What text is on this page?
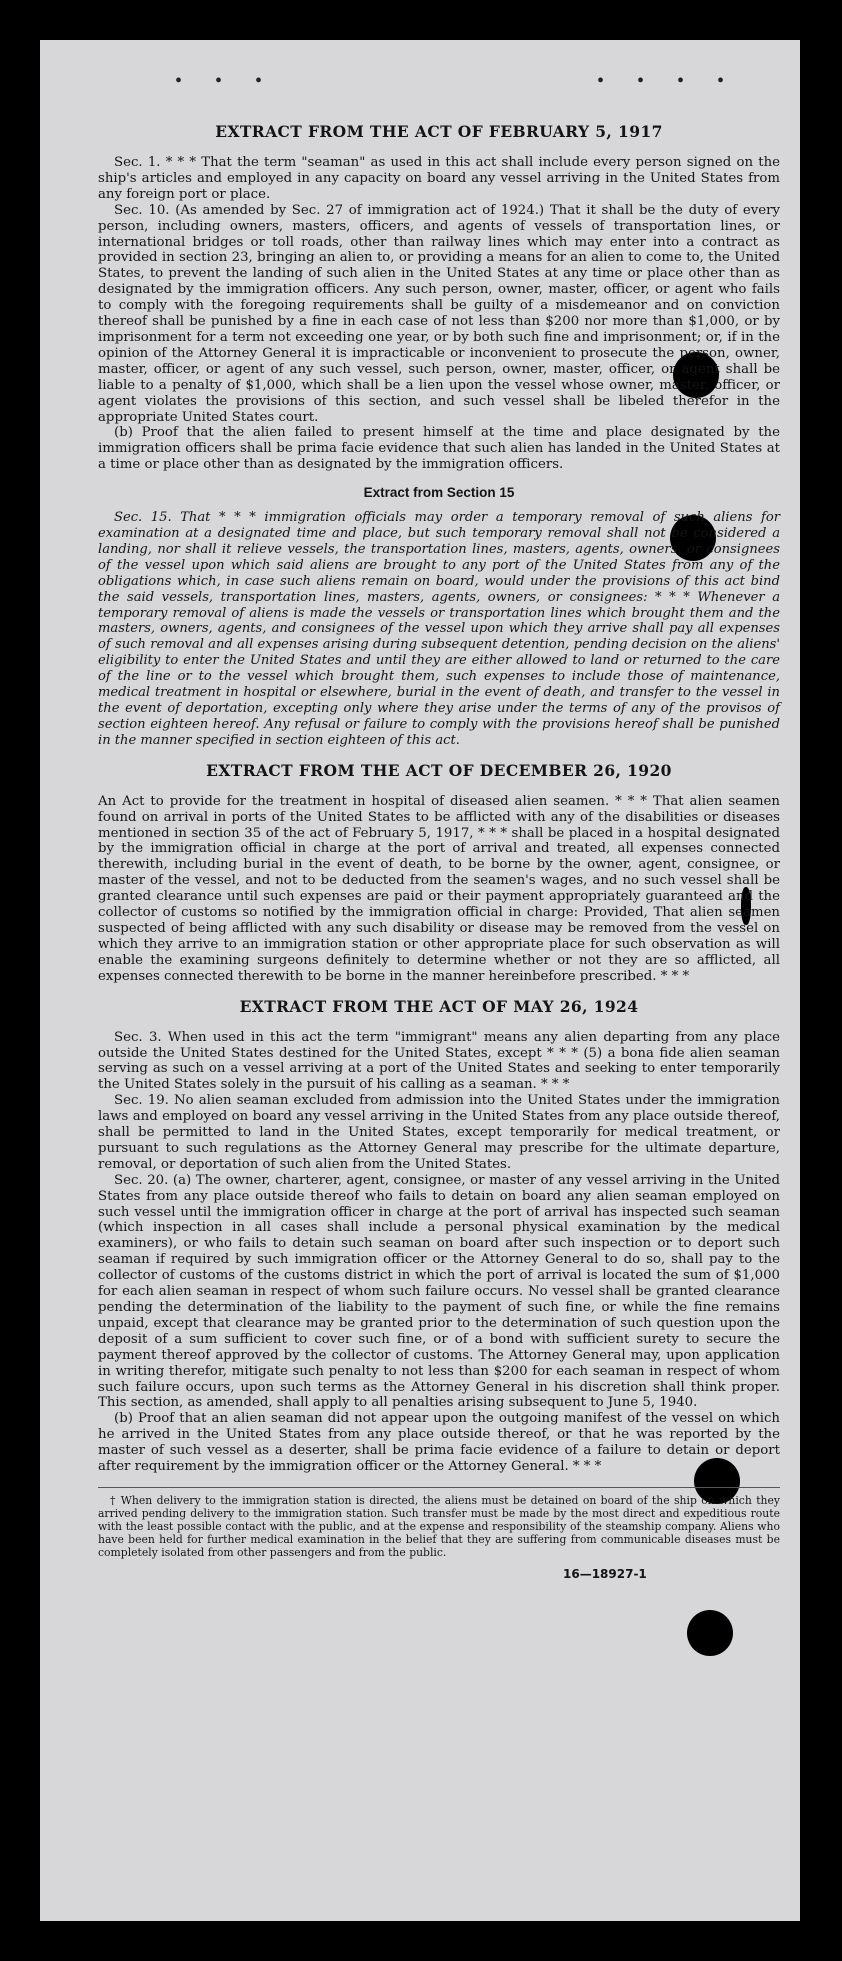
• • •	• • • •
EXTRACT FROM THE ACT OF FEBRUARY 5, 1917

Sec. 1. * * * That the term "seaman" as used in this act shall include every person signed on the ship's articles and employed in any capacity on board any vessel arriving in the United States from any foreign port or place.

Sec. 10. (As amended by Sec. 27 of immigration act of 1924.) That it shall be the duty of every person, including owners, masters, officers, and agents of vessels of transportation lines, or international bridges or toll roads, other than railway lines which may enter into a contract as provided in section 23, bringing an alien to, or providing a means for an alien to come to, the United States, to prevent the landing of such alien in the United States at any time or place other than as designated by the immigration officers. Any such person, owner, master, officer, or agent who fails to comply with the foregoing requirements shall be guilty of a misdemeanor and on conviction thereof shall be punished by a fine in each case of not less than $200 nor more than $1,000, or by imprisonment for a term not exceeding one year, or by both such fine and imprisonment; or, if in the opinion of the Attorney General it is impracticable or inconvenient to prosecute the person, owner, master, officer, or agent of any such vessel, such person, owner, master, officer, or agent shall be liable to a penalty of $1,000, which shall be a lien upon the vessel whose owner, master, officer, or agent violates the provisions of this section, and such vessel shall be libeled therefor in the appropriate United States court.

(b) Proof that the alien failed to present himself at the time and place designated by the immigration officers shall be prima facie evidence that such alien has landed in the United States at a time or place other than as designated by the immigration officers.

Extract from Section 15

Sec. 15. That * * * immigration officials may order a temporary removal of such aliens for examination at a designated time and place, but such temporary removal shall not be considered a landing, nor shall it relieve vessels, the transportation lines, masters, agents, owners, or consignees of the vessel upon which said aliens are brought to any port of the United States from any of the obligations which, in case such aliens remain on board, would under the provisions of this act bind the said vessels, transportation lines, masters, agents, owners, or consignees: * * * Whenever a temporary removal of aliens is made the vessels or transportation lines which brought them and the masters, owners, agents, and consignees of the vessel upon which they arrive shall pay all expenses of such removal and all expenses arising during subsequent detention, pending decision on the aliens' eligibility to enter the United States and until they are either allowed to land or returned to the care of the line or to the vessel which brought them, such expenses to include those of maintenance, medical treatment in hospital or elsewhere, burial in the event of death, and transfer to the vessel in the event of deportation, excepting only where they arise under the terms of any of the provisos of section eighteen hereof. Any refusal or failure to comply with the provisions hereof shall be punished in the manner specified in section eighteen of this act.

EXTRACT FROM THE ACT OF DECEMBER 26, 1920

An Act to provide for the treatment in hospital of diseased alien seamen. * * * That alien seamen found on arrival in ports of the United States to be afflicted with any of the disabilities or diseases mentioned in section 35 of the act of February 5, 1917, * * * shall be placed in a hospital designated by the immigration official in charge at the port of arrival and treated, all expenses connected therewith, including burial in the event of death, to be borne by the owner, agent, consignee, or master of the vessel, and not to be deducted from the seamen's wages, and no such vessel shall be granted clearance until such expenses are paid or their payment appropriately guaranteed and the collector of customs so notified by the immigration official in charge: Provided, That alien seamen suspected of being afflicted with any such disability or disease may be removed from the vessel on which they arrive to an immigration station or other appropriate place for such observation as will enable the examining surgeons definitely to determine whether or not they are so afflicted, all expenses connected therewith to be borne in the manner hereinbefore prescribed. * * *

EXTRACT FROM THE ACT OF MAY 26, 1924

Sec. 3. When used in this act the term "immigrant" means any alien departing from any place outside the United States destined for the United States, except * * * (5) a bona fide alien seaman serving as such on a vessel arriving at a port of the United States and seeking to enter temporarily the United States solely in the pursuit of his calling as a seaman. * * *

Sec. 19. No alien seaman excluded from admission into the United States under the immigration laws and employed on board any vessel arriving in the United States from any place outside thereof, shall be permitted to land in the United States, except temporarily for medical treatment, or pursuant to such regulations as the Attorney General may prescribe for the ultimate departure, removal, or deportation of such alien from the United States.

Sec. 20. (a) The owner, charterer, agent, consignee, or master of any vessel arriving in the United States from any place outside thereof who fails to detain on board any alien seaman employed on such vessel until the immigration officer in charge at the port of arrival has inspected such seaman (which inspection in all cases shall include a personal physical examination by the medical examiners), or who fails to detain such seaman on board after such inspection or to deport such seaman if required by such immigration officer or the Attorney General to do so, shall pay to the collector of customs of the customs district in which the port of arrival is located the sum of $1,000 for each alien seaman in respect of whom such failure occurs. No vessel shall be granted clearance pending the determination of the liability to the payment of such fine, or while the fine remains unpaid, except that clearance may be granted prior to the determination of such question upon the deposit of a sum sufficient to cover such fine, or of a bond with sufficient surety to secure the payment thereof approved by the collector of customs. The Attorney General may, upon application in writing therefor, mitigate such penalty to not less than $200 for each seaman in respect of whom such failure occurs, upon such terms as the Attorney General in his discretion shall think proper. This section, as amended, shall apply to all penalties arising subsequent to June 5, 1940.

(b) Proof that an alien seaman did not appear upon the outgoing manifest of the vessel on which he arrived in the United States from any place outside thereof, or that he was reported by the master of such vessel as a deserter, shall be prima facie evidence of a failure to detain or deport after requirement by the immigration officer or the Attorney General. * * *

† When delivery to the immigration station is directed, the aliens must be detained on board of the ship on which they arrived pending delivery to the immigration station. Such transfer must be made by the most direct and expeditious route with the least possible contact with the public, and at the expense and responsibility of the steamship company. Aliens who have been held for further medical examination in the belief that they are suffering from communicable diseases must be completely isolated from other passengers and from the public.

16—18927-1
